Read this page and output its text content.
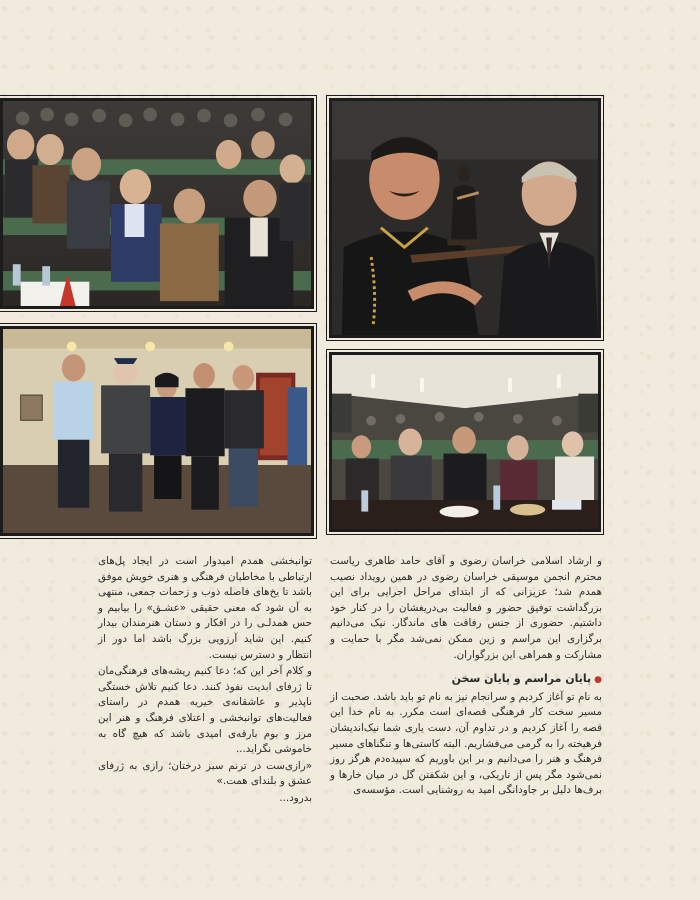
و ارشاد اسلامی خراسان رضوی و آقای حامد طاهری ریاست محترم انجمن موسیقی خراسان رضوی در همین رویداد نصیب همدم شد؛ عزیزانی که از ابتدای مراحل اجرایی برای این بزرگداشت توفیق حضور و فعالیت بی‌دریغشان را در کنار خود داشتیم. حضوری از جنس رفاقت های ماندگار. نیک می‌دانیم برگزاری این مراسم و زین ممکن نمی‌شد مگر با حمایت و مشارکت و همراهی این بزرگواران.

●پایان مراسم و پایان سخن

به نام تو آغاز کردیم و سرانجام نیز به نام تو باید باشد. صحبت از مسیر سخت کار فرهنگی قصه‌ای است مکرر. به نام خدا این قصه را آغاز کردیم و در تداوم آن، دست یاری شما نیک‌اندیشان فرهیخته را به گرمی می‌فشاریم. البته کاستی‌ها و تنگناهای مسیر فرهنگ و هنر را می‌دانیم و بر این باوریم که سپیده‌دم هرگز روز نمی‌شود مگر پس از تاریکی، و این شکفتن گل در میان خارها و برف‌ها دلیل بر جاودانگی امید به روشنایی است. مؤسسه‌ی

توانبخشی همدم امیدوار است در ایجاد پل‌های ارتباطی با مخاطبان فرهنگی و هنری خویش موفق باشد تا یخ‌های فاصله ذوب و زحمات جمعی، منتهی به آن شود که معنی حقیقی «عشـق» را بیابیم و حس همدلـی را در افکار و دستان هنرمندان بیدار کنیم. این شاید آرزویی بزرگ باشد اما دور از انتظار و دسترس نیست.

و کلام آخر این که؛ دعا کنیم ریشه‌های فرهنگی‌مان تا ژرفای ابدیت نفوذ کنند. دعا کنیم تلاش خستگی ناپذیر و عاشقانه‌ی خیریه همدم در راستای فعالیت‌های توانبخشی و اعتلای فرهنگ و هنر این مرز و بوم بارقه‌ی امیدی باشد که هیچ گاه به خاموشی نگراید...

«رازی‌ست در ترنم سبز درختان؛ رازی به ژرفای عشق و بلندای همت.»

بدرود...
